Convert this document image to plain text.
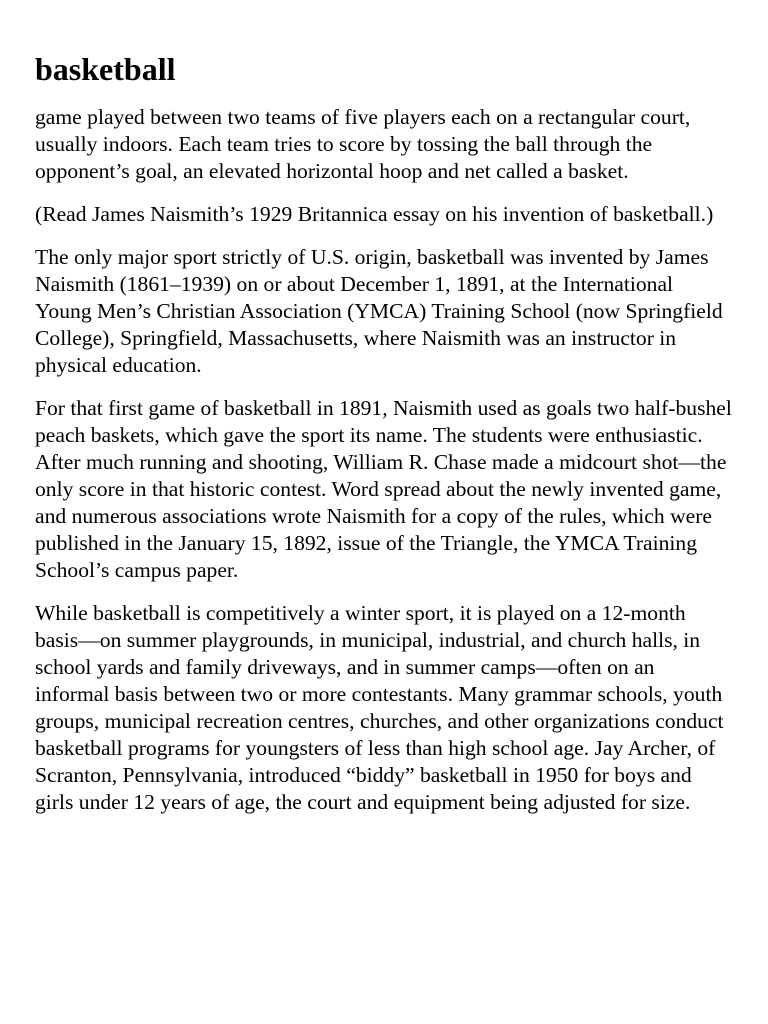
basketball

game played between two teams of five players each on a rectangular court, usually indoors. Each team tries to score by tossing the ball through the opponent’s goal, an elevated horizontal hoop and net called a basket.

(Read James Naismith’s 1929 Britannica essay on his invention of basketball.)

The only major sport strictly of U.S. origin, basketball was invented by James Naismith (1861–1939) on or about December 1, 1891, at the International Young Men’s Christian Association (YMCA) Training School (now Springfield College), Springfield, Massachusetts, where Naismith was an instructor in physical education.

For that first game of basketball in 1891, Naismith used as goals two half-bushel peach baskets, which gave the sport its name. The students were enthusiastic. After much running and shooting, William R. Chase made a midcourt shot—the only score in that historic contest. Word spread about the newly invented game, and numerous associations wrote Naismith for a copy of the rules, which were published in the January 15, 1892, issue of the Triangle, the YMCA Training School’s campus paper.

While basketball is competitively a winter sport, it is played on a 12-month basis—on summer playgrounds, in municipal, industrial, and church halls, in school yards and family driveways, and in summer camps—often on an informal basis between two or more contestants. Many grammar schools, youth groups, municipal recreation centres, churches, and other organizations conduct basketball programs for youngsters of less than high school age. Jay Archer, of Scranton, Pennsylvania, introduced “biddy” basketball in 1950 for boys and girls under 12 years of age, the court and equipment being adjusted for size.
